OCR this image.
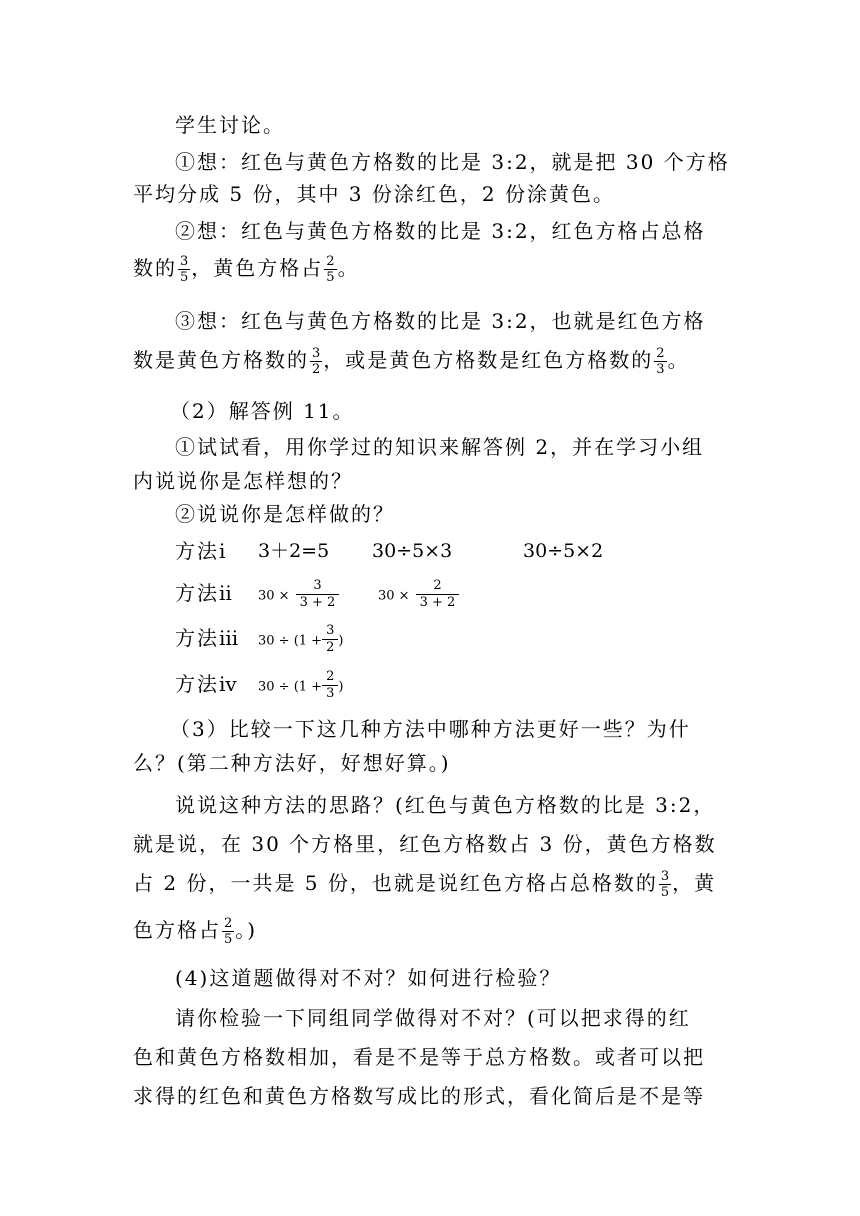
学生讨论。
①想：红色与黄色方格数的比是 3:2，就是把 30 个方格
平均分成 5 份，其中 3 份涂红色，2 份涂黄色。
②想：红色与黄色方格数的比是 3:2，红色方格占总格
数的 $\frac{3}{5}$ ，黄色方格占 $\frac{2}{5}$ 。
③想：红色与黄色方格数的比是 3:2，也就是红色方格
数是黄色方格数的 $\frac{3}{2}$ ，或是黄色方格数是红色方格数的 $\frac{2}{3}$ 。
（2）解答例 11。
①试试看，用你学过的知识来解答例 2，并在学习小组
内说说你是怎样想的？
②说说你是怎样做的？
方法ⅰ	3＋2=5 30÷5×3	30÷5×2
方法ⅱ	$30 \times \frac{3}{3 + 2}$	$30 \times \frac{2}{3 + 2}$
方法ⅲ	$30 \div (1 + \frac{3}{2}$ )
方法ⅳ	$30 \div (1 + \frac{2}{3}$ )
（3）比较一下这几种方法中哪种方法更好一些？为什
么？(第二种方法好，好想好算。)
说说这种方法的思路？(红色与黄色方格数的比是 3:2，
就是说，在 30 个方格里，红色方格数占 3 份，黄色方格数
占 2 份，一共是 5 份，也就是说红色方格占总格数的 $\frac{3}{5}$ ，黄
色方格占 $\frac{2}{5}$ 。)
(4)这道题做得对不对？如何进行检验？
请你检验一下同组同学做得对不对？(可以把求得的红
色和黄色方格数相加，看是不是等于总方格数。或者可以把
求得的红色和黄色方格数写成比的形式，看化简后是不是等
